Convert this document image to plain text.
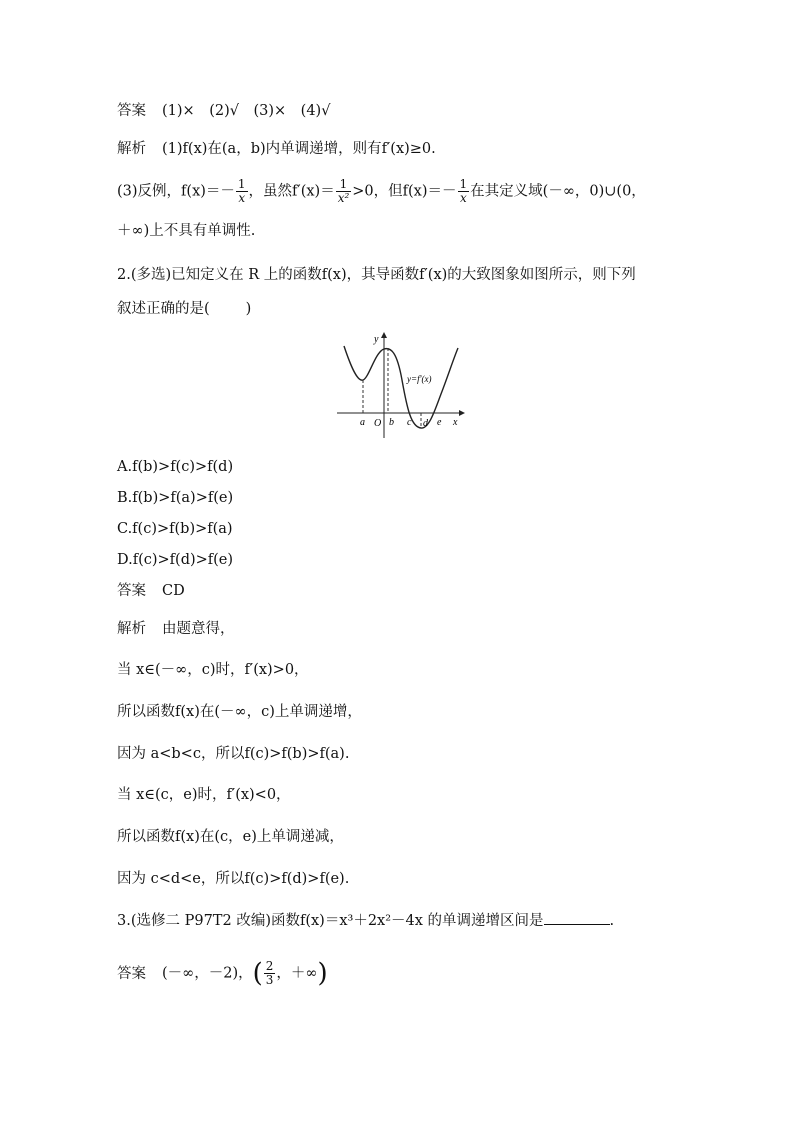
答案 (1)×　(2)√　(3)×　(4)√
解析 (1)f(x)在(a，b)内单调递增，则有f′(x)≥0.
(3)反例，$f(x)=- \frac{1}{x}$ ，虽然$f'(x)= \frac{1}{\text{x²}} >0$，但$f(x)=- \frac{1}{x}$ 在其定义域(－∞，0)∪(0，
＋∞)上不具有单调性.
2.(多选)已知定义在 R 上的函数f(x)，其导函数f′(x)的大致图象如图所示，则下列
叙述正确的是( )
y
x
O
y=f′(x)
a b c d e
A.f(b)>f(c)>f(d)
B.f(b)>f(a)>f(e)
C.f(c)>f(b)>f(a)
D.f(c)>f(d)>f(e)
答案 CD
解析 由题意得，
当 x∈(－∞，c)时，f′(x)>0，
所以函数f(x)在(－∞，c)上单调递增，
因为 a<b<c，所以f(c)>f(b)>f(a).
当 x∈(c，e)时，f′(x)<0，
所以函数f(x)在(c，e)上单调递减，
因为 c<d<e，所以f(c)>f(d)>f(e).
3.(选修二 P97T2 改编)函数f(x)＝x³＋2x²－4x 的单调递增区间是	.
答案 (－∞，－2)，( $\frac{2}{3}$ ，＋∞)
